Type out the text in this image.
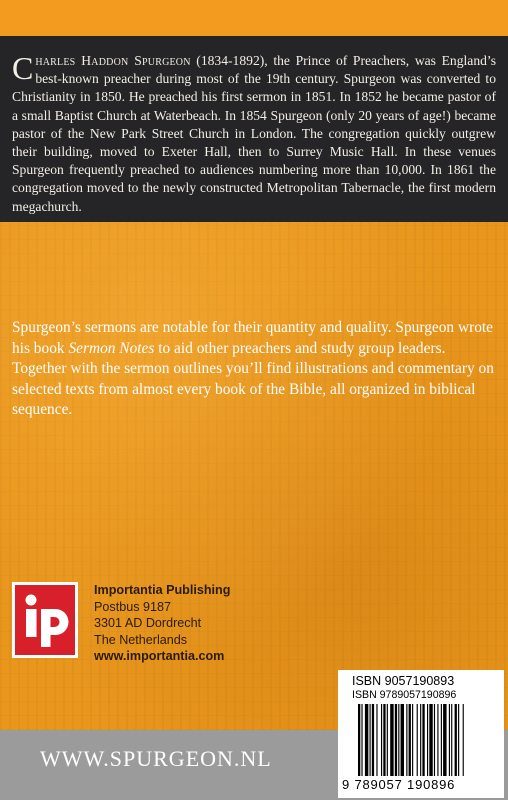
Charles Haddon Spurgeon (1834-1892), the Prince of Preachers, was England’s best-known preacher during most of the 19th century. Spurgeon was converted to Christianity in 1850. He preached his first sermon in 1851. In 1852 he became pastor of a small Baptist Church at Waterbeach. In 1854 Spurgeon (only 20 years of age!) became pastor of the New Park Street Church in London. The congregation quickly outgrew their building, moved to Exeter Hall, then to Surrey Music Hall. In these venues Spurgeon frequently preached to audiences numbering more than 10,000. In 1861 the congregation moved to the newly constructed Metropolitan Tabernacle, the first modern megachurch.

Spurgeon’s sermons are notable for their quantity and quality. Spurgeon wrote his book Sermon Notes to aid other preachers and study group leaders. Together with the sermon outlines you’ll find illustrations and commentary on selected texts from almost every book of the Bible, all organized in biblical sequence.

Importantia Publishing
Postbus 9187
3301 AD Dordrecht
The Netherlands
www.importantia.com
WWW.SPURGEON.NL
ISBN 9057190893
ISBN 9789057190896
9 789057 190896
